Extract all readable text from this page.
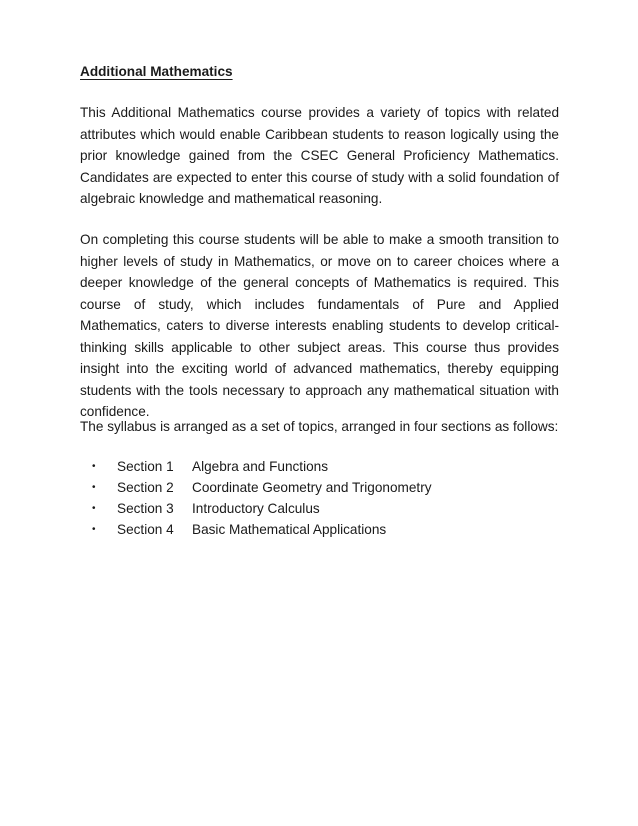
Additional Mathematics

This Additional Mathematics course provides a variety of topics with related attributes which would enable Caribbean students to reason logically using the prior knowledge gained from the CSEC General Proficiency Mathematics. Candidates are expected to enter this course of study with a solid foundation of algebraic knowledge and mathematical reasoning.

On completing this course students will be able to make a smooth transition to higher levels of study in Mathematics, or move on to career choices where a deeper knowledge of the general concepts of Mathematics is required. This course of study, which includes fundamentals of Pure and Applied Mathematics, caters to diverse interests enabling students to develop critical-thinking skills applicable to other subject areas. This course thus provides insight into the exciting world of advanced mathematics, thereby equipping students with the tools necessary to approach any mathematical situation with confidence.

The syllabus is arranged as a set of topics, arranged in four sections as follows:

• Section 1 Algebra and Functions
• Section 2 Coordinate Geometry and Trigonometry
• Section 3 Introductory Calculus
• Section 4 Basic Mathematical Applications
